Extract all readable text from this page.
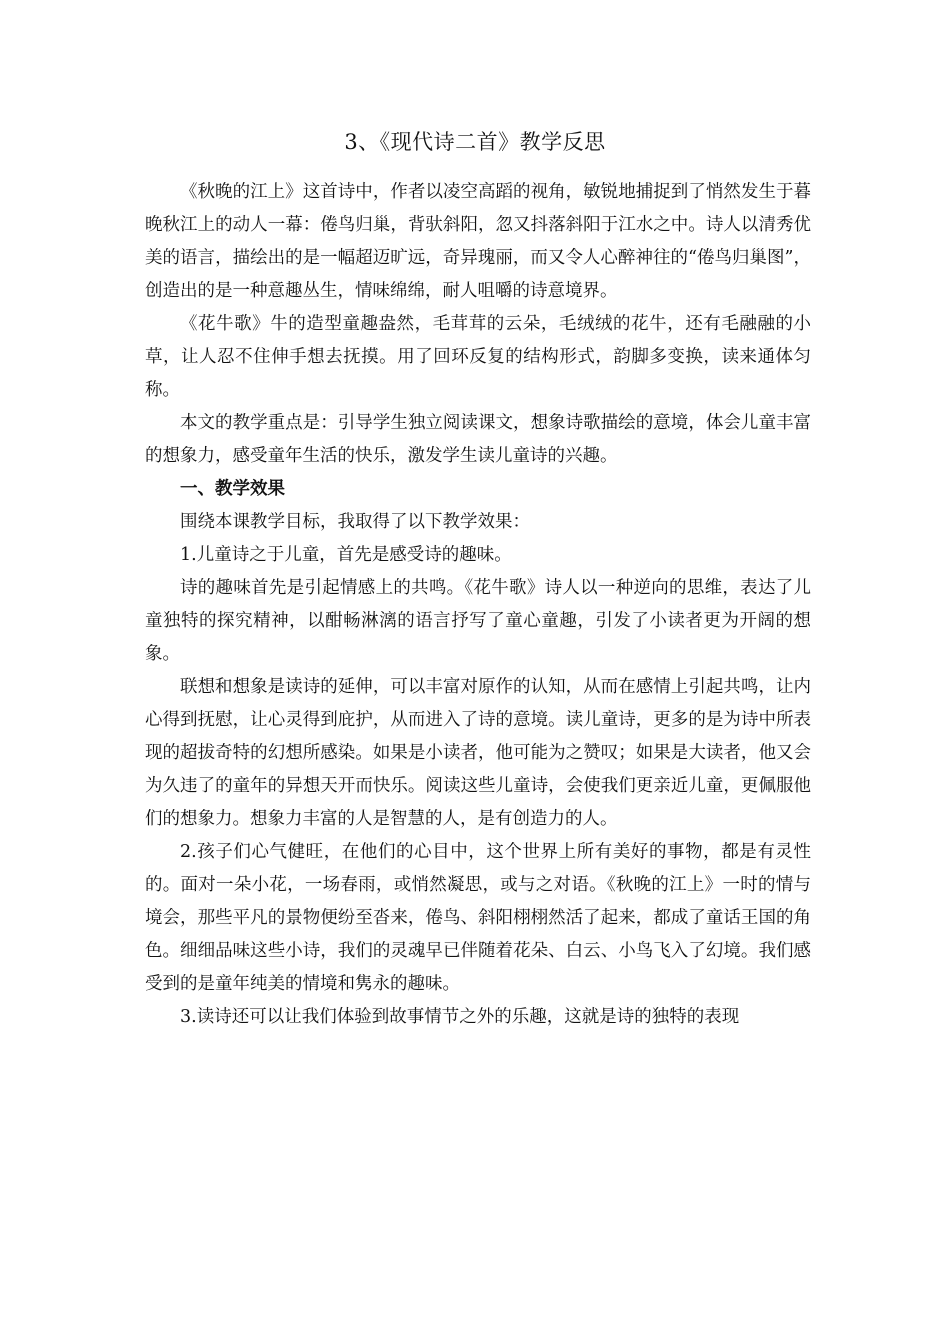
3、《现代诗二首》教学反思

《秋晚的江上》这首诗中，作者以凌空高蹈的视角，敏锐地捕捉到了悄然发生于暮晚秋江上的动人一幕：倦鸟归巢，背驮斜阳，忽又抖落斜阳于江水之中。诗人以清秀优美的语言，描绘出的是一幅超迈旷远，奇异瑰丽，而又令人心醉神往的“倦鸟归巢图”，创造出的是一种意趣丛生，情味绵绵，耐人咀嚼的诗意境界。

《花牛歌》牛的造型童趣盎然，毛茸茸的云朵，毛绒绒的花牛，还有毛融融的小草，让人忍不住伸手想去抚摸。用了回环反复的结构形式，韵脚多变换，读来通体匀称。

本文的教学重点是：引导学生独立阅读课文，想象诗歌描绘的意境，体会儿童丰富的想象力，感受童年生活的快乐，激发学生读儿童诗的兴趣。

一、教学效果

围绕本课教学目标，我取得了以下教学效果：

1.儿童诗之于儿童，首先是感受诗的趣味。

诗的趣味首先是引起情感上的共鸣。《花牛歌》诗人以一种逆向的思维，表达了儿童独特的探究精神，以酣畅淋漓的语言抒写了童心童趣，引发了小读者更为开阔的想象。

联想和想象是读诗的延伸，可以丰富对原作的认知，从而在感情上引起共鸣，让内心得到抚慰，让心灵得到庇护，从而进入了诗的意境。读儿童诗，更多的是为诗中所表现的超拔奇特的幻想所感染。如果是小读者，他可能为之赞叹；如果是大读者，他又会为久违了的童年的异想天开而快乐。阅读这些儿童诗，会使我们更亲近儿童，更佩服他们的想象力。想象力丰富的人是智慧的人，是有创造力的人。

2.孩子们心气健旺，在他们的心目中，这个世界上所有美好的事物，都是有灵性的。面对一朵小花，一场春雨，或悄然凝思，或与之对语。《秋晚的江上》一时的情与境会，那些平凡的景物便纷至沓来，倦鸟、斜阳栩栩然活了起来，都成了童话王国的角色。细细品味这些小诗，我们的灵魂早已伴随着花朵、白云、小鸟飞入了幻境。我们感受到的是童年纯美的情境和隽永的趣味。

3.读诗还可以让我们体验到故事情节之外的乐趣，这就是诗的独特的表现
